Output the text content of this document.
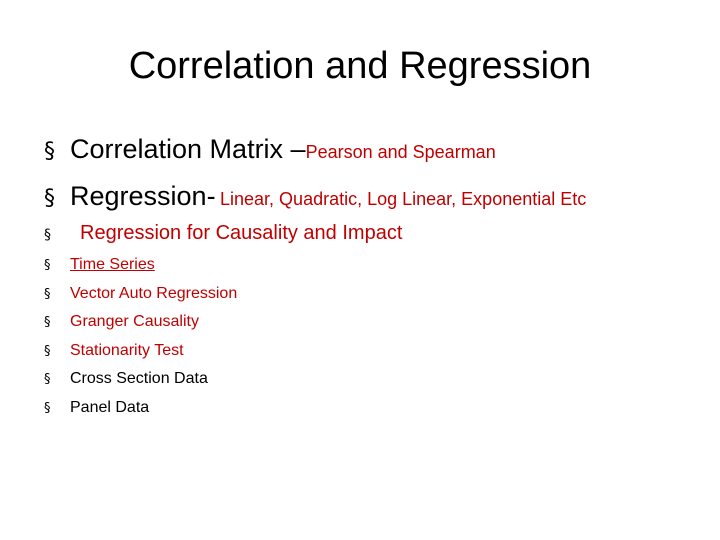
Correlation and Regression
§ Correlation Matrix – Pearson and Spearman
§ Regression-
Linear, Quadratic, Log Linear, Exponential Etc
§	Regression for Causality and Impact
§	Time Series
§	Vector Auto Regression
§	Granger Causality
§	Stationarity Test
§	Cross Section Data
§	Panel Data
